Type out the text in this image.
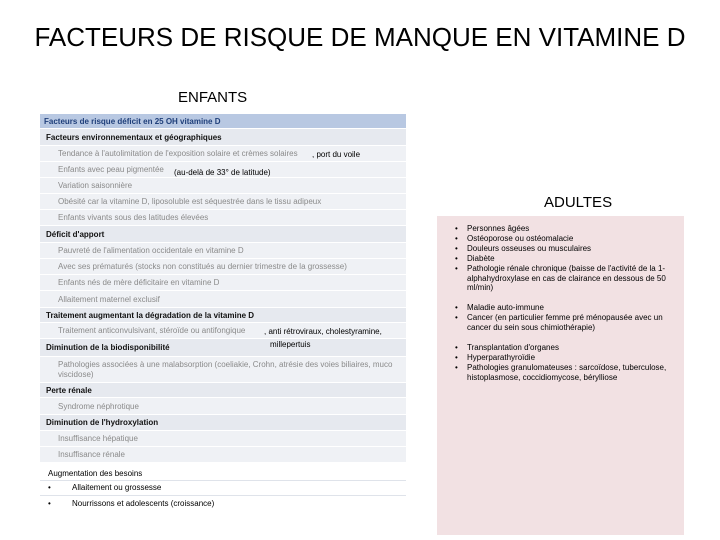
FACTEURS DE RISQUE DE MANQUE EN VITAMINE D
ENFANTS
Facteurs de risque déficit en 25 OH vitamine D
Facteurs environnementaux et géographiques
Tendance à l'autolimitation de l'exposition solaire et crèmes solaires
Enfants avec peau pigmentée
Variation saisonnière
Obésité car la vitamine D, liposoluble est séquestrée dans le tissu adipeux
Enfants vivants sous des latitudes élevées
Déficit d'apport
Pauvreté de l'alimentation occidentale en vitamine D
Avec ses prématurés (stocks non constitués au dernier trimestre de la grossesse)
Enfants nés de mère déficitaire en vitamine D
Allaitement maternel exclusif
Traitement augmentant la dégradation de la vitamine D
Traitement anticonvulsivant, stéroïde ou antifongique
Diminution de la biodisponibilité
Pathologies associées à une malabsorption (coeliakie, Crohn, atrésie des voies biliaires, muco viscidose)
Perte rénale
Syndrome néphrotique
Diminution de l'hydroxylation
Insuffisance hépatique
Insuffisance rénale
, port du voile
(au-delà de 33° de latitude)
, anti rétroviraux, cholestyramine,
millepertuis
Augmentation des besoins
•	Allaitement ou grossesse
•	Nourrissons et adolescents (croissance)
ADULTES
• Personnes âgées
• Ostéoporose ou ostéomalacie
• Douleurs osseuses ou musculaires
• Diabète
• Pathologie rénale chronique (baisse de l'activité de la 1-alphahydroxylase en cas de clairance en dessous de 50 ml/min)
• Maladie auto-immune
• Cancer (en particulier femme pré ménopausée avec un cancer du sein sous chimiothérapie)
• Transplantation d'organes
• Hyperparathyroïdie
• Pathologies granulomateuses : sarcoïdose, tuberculose, histoplasmose, coccidiomycose, bérylliose
